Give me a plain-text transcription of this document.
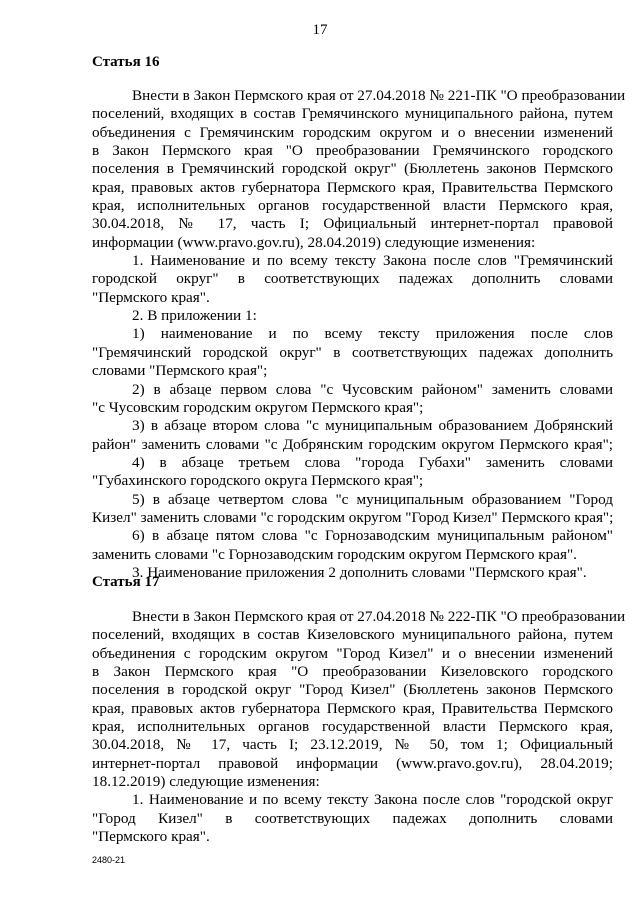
17
Статья 16
Внести в Закон Пермского края от 27.04.2018 № 221-ПК "О преобразовании
поселений, входящих в состав Гремячинского муниципального района, путем
объединения с Гремячинским городским округом и о внесении изменений
в Закон Пермского края "О преобразовании Гремячинского городского
поселения в Гремячинский городской округ" (Бюллетень законов Пермского
края, правовых актов губернатора Пермского края, Правительства Пермского
края, исполнительных органов государственной власти Пермского края,
30.04.2018, № 17, часть I; Официальный интернет-портал правовой
информации (www.pravo.gov.ru), 28.04.2019) следующие изменения:
1. Наименование и по всему тексту Закона после слов "Гремячинский
городской округ" в соответствующих падежах дополнить словами
"Пермского края".
2. В приложении 1:
1) наименование и по всему тексту приложения после слов
"Гремячинский городской округ" в соответствующих падежах дополнить
словами "Пермского края";
2) в абзаце первом слова "с Чусовским районом" заменить словами
"с Чусовским городским округом Пермского края";
3) в абзаце втором слова "с муниципальным образованием Добрянский
район" заменить словами "с Добрянским городским округом Пермского края";
4) в абзаце третьем слова "города Губахи" заменить словами
"Губахинского городского округа Пермского края";
5) в абзаце четвертом слова "с муниципальным образованием "Город
Кизел" заменить словами "с городским округом "Город Кизел" Пермского края";
6) в абзаце пятом слова "с Горнозаводским муниципальным районом"
заменить словами "с Горнозаводским городским округом Пермского края".
3. Наименование приложения 2 дополнить словами "Пермского края".
Статья 17
Внести в Закон Пермского края от 27.04.2018 № 222-ПК "О преобразовании
поселений, входящих в состав Кизеловского муниципального района, путем
объединения с городским округом "Город Кизел" и о внесении изменений
в Закон Пермского края "О преобразовании Кизеловского городского
поселения в городской округ "Город Кизел" (Бюллетень законов Пермского
края, правовых актов губернатора Пермского края, Правительства Пермского
края, исполнительных органов государственной власти Пермского края,
30.04.2018, № 17, часть I; 23.12.2019, № 50, том 1; Официальный
интернет-портал правовой информации (www.pravo.gov.ru), 28.04.2019;
18.12.2019) следующие изменения:
1. Наименование и по всему тексту Закона после слов "городской округ
"Город Кизел" в соответствующих падежах дополнить словами
"Пермского края".
2480-21
